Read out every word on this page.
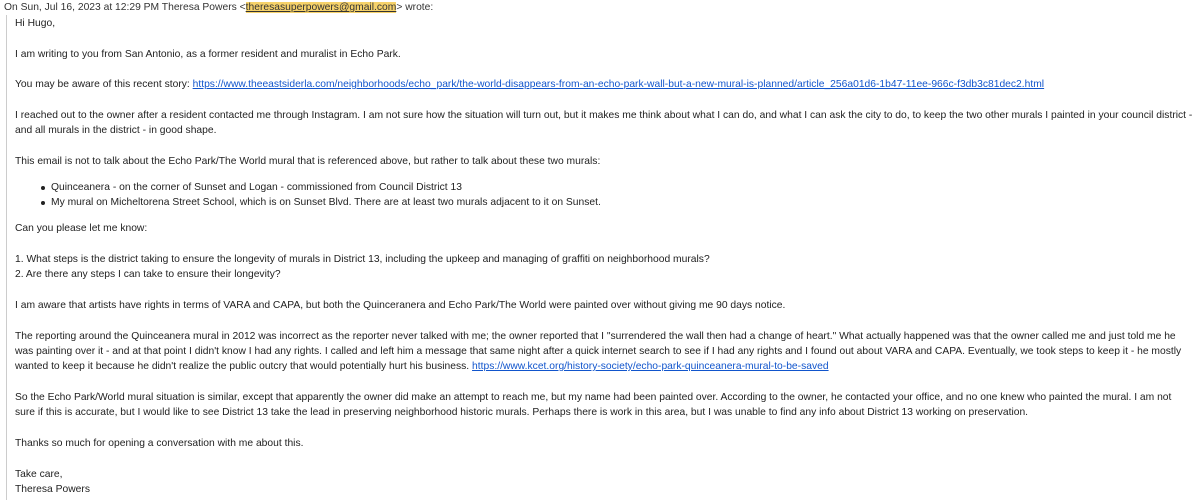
On Sun, Jul 16, 2023 at 12:29 PM Theresa Powers <theresasuperpowers@gmail.com> wrote:
Hi Hugo,
I am writing to you from San Antonio, as a former resident and muralist in Echo Park.
You may be aware of this recent story: https://www.theeastsiderla.com/neighborhoods/echo_park/the-world-disappears-from-an-echo-park-wall-but-a-new-mural-is-planned/article_256a01d6-1b47-11ee-966c-f3db3c81dec2.html
I reached out to the owner after a resident contacted me through Instagram. I am not sure how the situation will turn out, but it makes me think about what I can do, and what I can ask the city to do, to keep the two other murals I painted in your council district -
and all murals in the district - in good shape.
This email is not to talk about the Echo Park/The World mural that is referenced above, but rather to talk about these two murals:
Quinceanera - on the corner of Sunset and Logan - commissioned from Council District 13
My mural on Micheltorena Street School, which is on Sunset Blvd. There are at least two murals adjacent to it on Sunset.
Can you please let me know:
1. What steps is the district taking to ensure the longevity of murals in District 13, including the upkeep and managing of graffiti on neighborhood murals?
2. Are there any steps I can take to ensure their longevity?
I am aware that artists have rights in terms of VARA and CAPA, but both the Quinceranera and Echo Park/The World were painted over without giving me 90 days notice.
The reporting around the Quinceanera mural in 2012 was incorrect as the reporter never talked with me; the owner reported that I "surrendered the wall then had a change of heart." What actually happened was that the owner called me and just told me he
was painting over it - and at that point I didn't know I had any rights. I called and left him a message that same night after a quick internet search to see if I had any rights and I found out about VARA and CAPA. Eventually, we took steps to keep it - he mostly
wanted to keep it because he didn't realize the public outcry that would potentially hurt his business. https://www.kcet.org/history-society/echo-park-quinceanera-mural-to-be-saved
So the Echo Park/World mural situation is similar, except that apparently the owner did make an attempt to reach me, but my name had been painted over. According to the owner, he contacted your office, and no one knew who painted the mural. I am not
sure if this is accurate, but I would like to see District 13 take the lead in preserving neighborhood historic murals. Perhaps there is work in this area, but I was unable to find any info about District 13 working on preservation.
Thanks so much for opening a conversation with me about this.
Take care,
Theresa Powers
